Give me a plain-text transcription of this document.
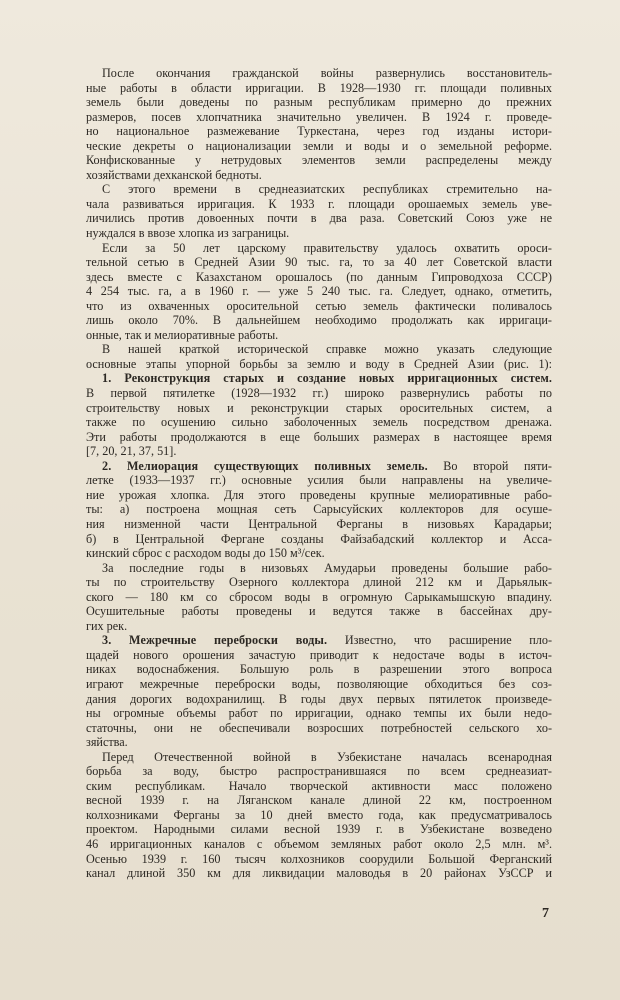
После окончания гражданской войны развернулись восстановитель-
ные работы в области ирригации. В 1928—1930 гг. площади поливных
земель были доведены по разным республикам примерно до прежних
размеров, посев хлопчатника значительно увеличен. В 1924 г. проведе-
но национальное размежевание Туркестана, через год изданы истори-
ческие декреты о национализации земли и воды и о земельной реформе.
Конфискованные у нетрудовых элементов земли распределены между
хозяйствами дехканской бедноты.
С этого времени в среднеазиатских республиках стремительно на-
чала развиваться ирригация. К 1933 г. площади орошаемых земель уве-
личились против довоенных почти в два раза. Советский Союз уже не
нуждался в ввозе хлопка из заграницы.
Если за 50 лет царскому правительству удалось охватить ороси-
тельной сетью в Средней Азии 90 тыс. га, то за 40 лет Советской власти
здесь вместе с Казахстаном орошалось (по данным Гипроводхоза СССР)
4 254 тыс. га, а в 1960 г. — уже 5 240 тыс. га. Следует, однако, отметить,
что из охваченных оросительной сетью земель фактически поливалось
лишь около 70%. В дальнейшем необходимо продолжать как ирригаци-
онные, так и мелиоративные работы.
В нашей краткой исторической справке можно указать следующие
основные этапы упорной борьбы за землю и воду в Средней Азии (рис. 1):
1. Реконструкция старых и создание новых ирригационных систем.
В первой пятилетке (1928—1932 гг.) широко развернулись работы по
строительству новых и реконструкции старых оросительных систем, а
также по осушению сильно заболоченных земель посредством дренажа.
Эти работы продолжаются в еще больших размерах в настоящее время
[7, 20, 21, 37, 51].
2. Мелиорация существующих поливных земель. Во второй пяти-
летке (1933—1937 гг.) основные усилия были направлены на увеличе-
ние урожая хлопка. Для этого проведены крупные мелиоративные рабо-
ты: а) построена мощная сеть Сарысуйских коллекторов для осуше-
ния низменной части Центральной Ферганы в низовьях Карадарьи;
б) в Центральной Фергане созданы Файзабадский коллектор и Асса-
кинский сброс с расходом воды до 150 м³/сек.
За последние годы в низовьях Амударьи проведены большие рабо-
ты по строительству Озерного коллектора длиной 212 км и Дарьялык-
ского — 180 км со сбросом воды в огромную Сарыкамышскую впадину.
Осушительные работы проведены и ведутся также в бассейнах дру-
гих рек.
3. Межречные переброски воды. Известно, что расширение пло-
щадей нового орошения зачастую приводит к недостаче воды в источ-
никах водоснабжения. Большую роль в разрешении этого вопроса
играют межречные переброски воды, позволяющие обходиться без соз-
дания дорогих водохранилищ. В годы двух первых пятилеток произведе-
ны огромные объемы работ по ирригации, однако темпы их были недо-
статочны, они не обеспечивали возросших потребностей сельского хо-
зяйства.
Перед Отечественной войной в Узбекистане началась всенародная
борьба за воду, быстро распространившаяся по всем среднеазиат-
ским республикам. Начало творческой активности масс положено
весной 1939 г. на Ляганском канале длиной 22 км, построенном
колхозниками Ферганы за 10 дней вместо года, как предусматривалось
проектом. Народными силами весной 1939 г. в Узбекистане возведено
46 ирригационных каналов с объемом земляных работ около 2,5 млн. м³.
Осенью 1939 г. 160 тысяч колхозников соорудили Большой Ферганский
канал длиной 350 км для ликвидации маловодья в 20 районах УзССР и
7
